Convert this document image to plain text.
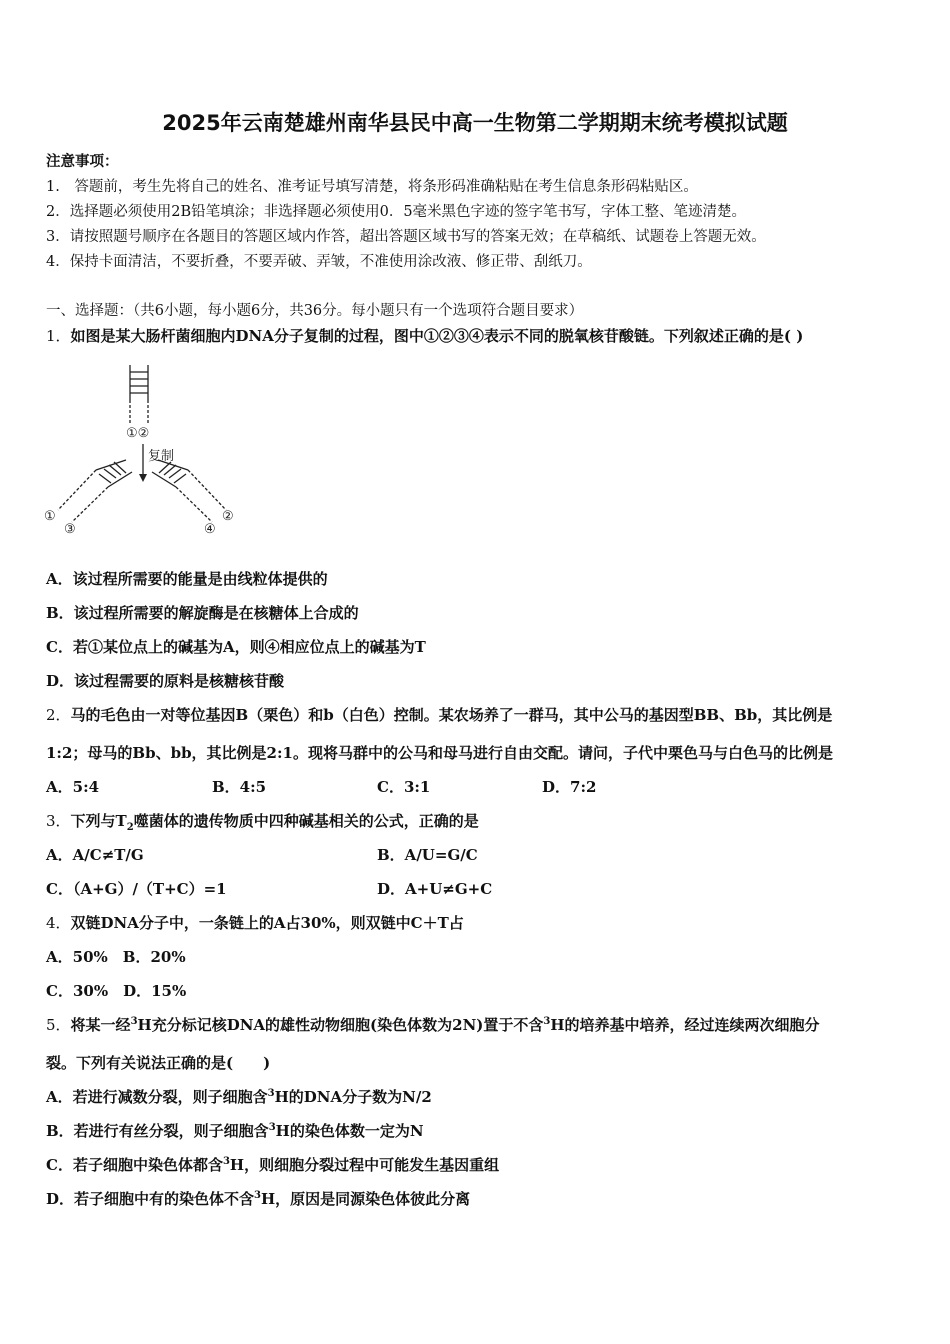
2025年云南楚雄州南华县民中高一生物第二学期期末统考模拟试题
注意事项：
1.　答题前，考生先将自己的姓名、准考证号填写清楚，将条形码准确粘贴在考生信息条形码粘贴区。
2．选择题必须使用2B铅笔填涂；非选择题必须使用0．5毫米黑色字迹的签字笔书写，字体工整、笔迹清楚。
3．请按照题号顺序在各题目的答题区域内作答，超出答题区域书写的答案无效；在草稿纸、试题卷上答题无效。
4．保持卡面清洁，不要折叠，不要弄破、弄皱，不准使用涂改液、修正带、刮纸刀。
一、选择题：（共6小题，每小题6分，共36分。每小题只有一个选项符合题目要求）
1．如图是某大肠杆菌细胞内DNA分子复制的过程，图中①②③④表示不同的脱氧核苷酸链。下列叙述正确的是( )
①②
复制
①
③
②
④
A．该过程所需要的能量是由线粒体提供的
B．该过程所需要的解旋酶是在核糖体上合成的
C．若①某位点上的碱基为A，则④相应位点上的碱基为T
D．该过程需要的原料是核糖核苷酸
2．马的毛色由一对等位基因B（栗色）和b（白色）控制。某农场养了一群马，其中公马的基因型BB、Bb，其比例是
1:2；母马的Bb、bb，其比例是2:1。现将马群中的公马和母马进行自由交配。请问，子代中栗色马与白色马的比例是
A．5:4	B．4:5	C．3:1	D．7:2
3．下列与$T_2$噬菌体的遗传物质中四种碱基相关的公式，正确的是
A．A/C≠T/G	B．A/U=G/C
C．（A+G）/（T+C）=1	D．A+U≠G+C
4．双链DNA分子中，一条链上的A占30%，则双链中C＋T占
A．50%　B．20%
C．30%　D．15%
5．将某一经$^3$H充分标记核DNA的雄性动物细胞(染色体数为2N)置于不含$^3$H的培养基中培养，经过连续两次细胞分
裂。下列有关说法正确的是(　　)
A．若进行减数分裂，则子细胞含$^3$H的DNA分子数为N/2
B．若进行有丝分裂，则子细胞含$^3$H的染色体数一定为N
C．若子细胞中染色体都含$^3$H，则细胞分裂过程中可能发生基因重组
D．若子细胞中有的染色体不含$^3$H，原因是同源染色体彼此分离
